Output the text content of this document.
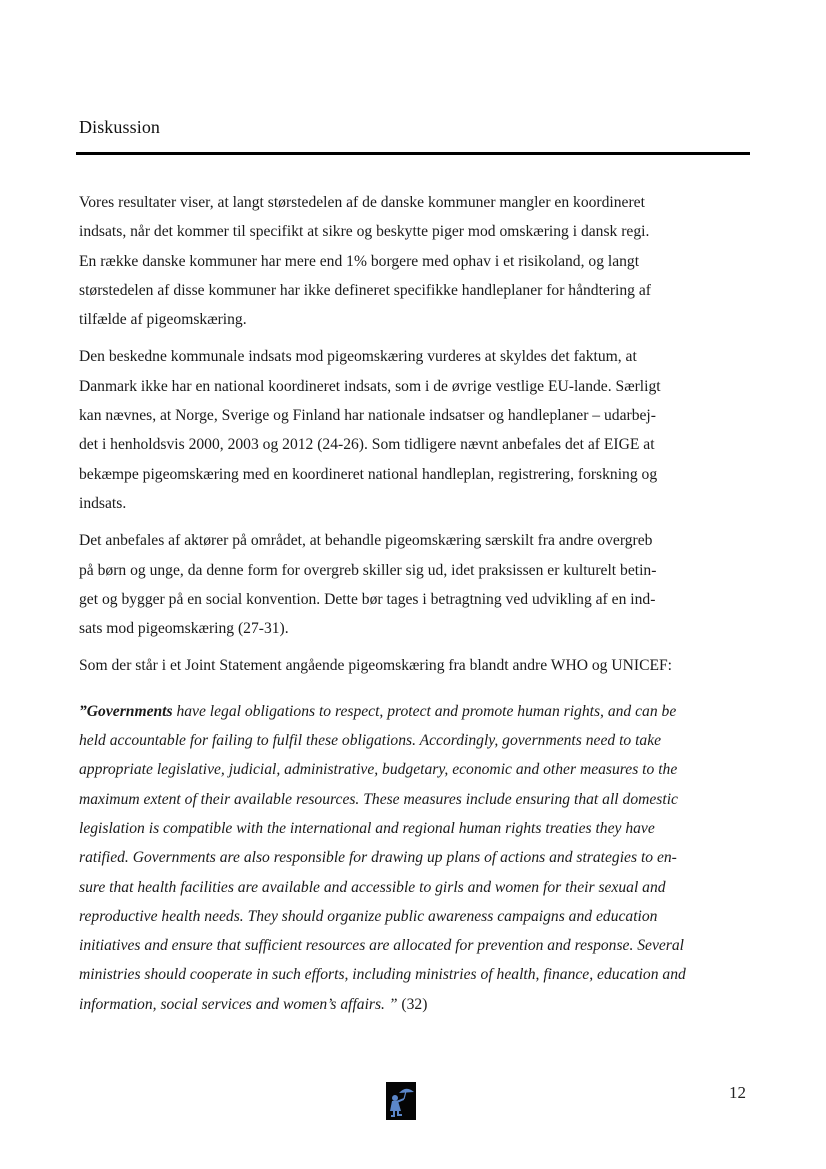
Diskussion

Vores resultater viser, at langt størstedelen af de danske kommuner mangler en koordineret
indsats, når det kommer til specifikt at sikre og beskytte piger mod omskæring i dansk regi.
En række danske kommuner har mere end 1% borgere med ophav i et risikoland, og langt
størstedelen af disse kommuner har ikke defineret specifikke handleplaner for håndtering af
tilfælde af pigeomskæring.

Den beskedne kommunale indsats mod pigeomskæring vurderes at skyldes det faktum, at
Danmark ikke har en national koordineret indsats, som i de øvrige vestlige EU-lande. Særligt
kan nævnes, at Norge, Sverige og Finland har nationale indsatser og handleplaner – udarbej-
det i henholdsvis 2000, 2003 og 2012 (24-26). Som tidligere nævnt anbefales det af EIGE at
bekæmpe pigeomskæring med en koordineret national handleplan, registrering, forskning og
indsats.

Det anbefales af aktører på området, at behandle pigeomskæring særskilt fra andre overgreb
på børn og unge, da denne form for overgreb skiller sig ud, idet praksissen er kulturelt betin-
get og bygger på en social konvention. Dette bør tages i betragtning ved udvikling af en ind-
sats mod pigeomskæring (27-31).

Som der står i et Joint Statement angående pigeomskæring fra blandt andre WHO og UNICEF:

”Governments have legal obligations to respect, protect and promote human rights, and can be
held accountable for failing to fulfil these obligations. Accordingly, governments need to take
appropriate legislative, judicial, administrative, budgetary, economic and other measures to the
maximum extent of their available resources. These measures include ensuring that all domestic
legislation is compatible with the international and regional human rights treaties they have
ratified. Governments are also responsible for drawing up plans of actions and strategies to en-
sure that health facilities are available and accessible to girls and women for their sexual and
reproductive health needs. They should organize public awareness campaigns and education
initiatives and ensure that sufficient resources are allocated for prevention and response. Several
ministries should cooperate in such efforts, including ministries of health, finance, education and
information, social services and women’s affairs. ” (32)

12
